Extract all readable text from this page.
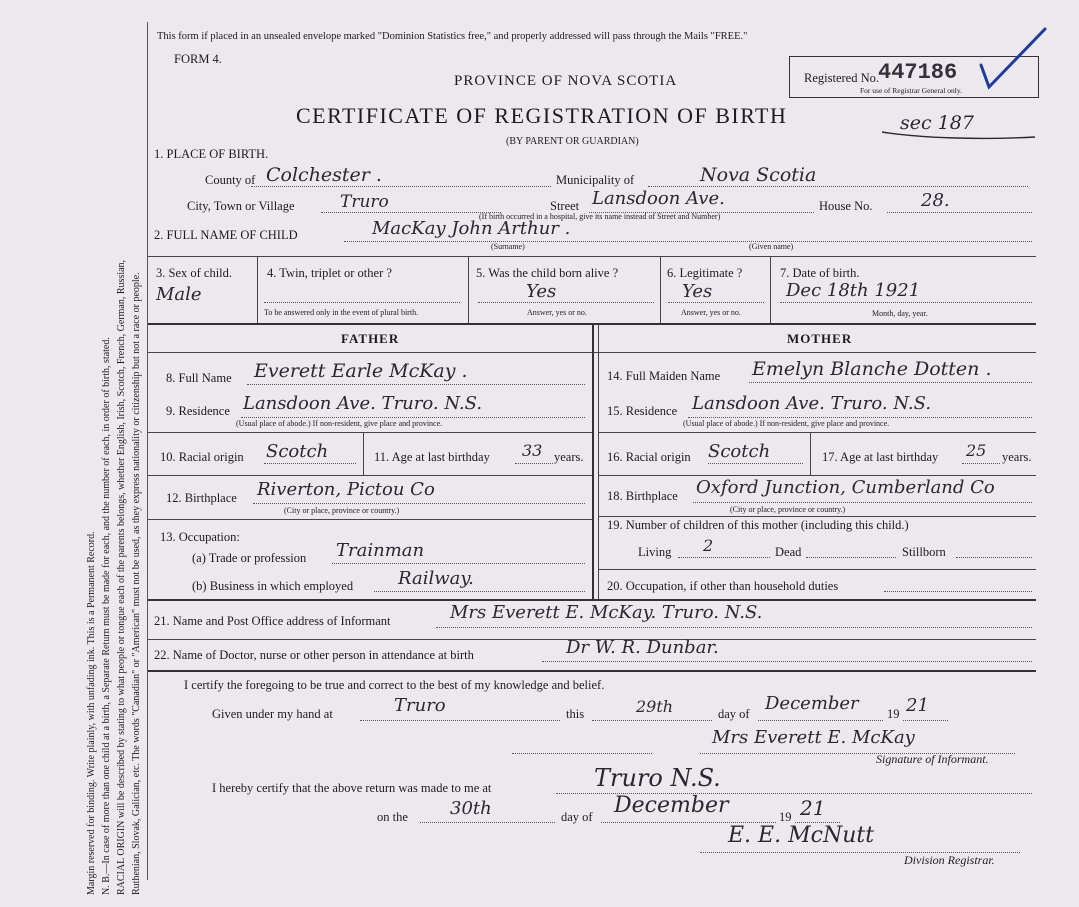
Margin reserved for binding. Write plainly, with unfading ink. This is a Permanent Record. N. B.—In case of more than one child at a birth, a Separate Return must be made for each, and the number of each, in order of birth, stated. RACIAL ORIGIN will be described by stating to what people or tongue each of the parents belongs, whether English, Irish, Scotch, French, German, Russian, Ruthenian, Slovak, Galician, etc. The words "Canadian" or "American" must not be used, as they express nationality or citizenship but not a race or people.
This form if placed in an unsealed envelope marked "Dominion Statistics free," and properly addressed will pass through the Mails "FREE."
FORM 4.
PROVINCE OF NOVA SCOTIA
CERTIFICATE OF REGISTRATION OF BIRTH
(BY PARENT OR GUARDIAN)
sec 187
Registered No. 447186
For use of Registrar General only.
1. PLACE OF BIRTH.
County of Colchester .	Municipality of	Nova Scotia
City, Town or Village	Truro	Street Lansdoon Ave.	House No.	28.
(If birth occurred in a hospital, give its name instead of Street and Number)
2. FULL NAME OF CHILD	MacKay John Arthur .
(Surname)	(Given name)
3. Sex of child.
Male
4. Twin, triplet or other ?
To be answered only in the event of plural birth.
5. Was the child born alive ?
Yes
Answer, yes or no.
6. Legitimate ?
Yes
Answer, yes or no.
7. Date of birth.
Dec 18th 1921
Month, day, year.
FATHER	MOTHER
8. Full Name Everett Earle McKay .
9. Residence Lansdoon Ave. Truro. N.S.
(Usual place of abode.) If non-resident, give place and province.
10. Racial origin Scotch	11. Age at last birthday 33 years.
12. Birthplace Riverton, Pictou Co
(City or place, province or country.)
13. Occupation:
(a) Trade or profession Trainman
(b) Business in which employed Railway.
14. Full Maiden Name Emelyn Blanche Dotten .
15. Residence Lansdoon Ave. Truro. N.S.
(Usual place of abode.) If non-resident, give place and province.
16. Racial origin Scotch	17. Age at last birthday 25 years.
18. Birthplace Oxford Junction, Cumberland Co
(City or place, province or country.)
19. Number of children of this mother (including this child.)
Living 2	Dead	Stillborn
20. Occupation, if other than household duties
21. Name and Post Office address of Informant	Mrs Everett E. McKay. Truro. N.S.
22. Name of Doctor, nurse or other person in attendance at birth	Dr W. R. Dunbar.
I certify the foregoing to be true and correct to the best of my knowledge and belief.
Given under my hand at	Truro	this	29th	day of December 19 21
Mrs Everett E. McKay
Signature of Informant.
I hereby certify that the above return was made to me at	Truro N.S.
on the 30th	day of December	19 21
E. E. McNutt
Division Registrar.
